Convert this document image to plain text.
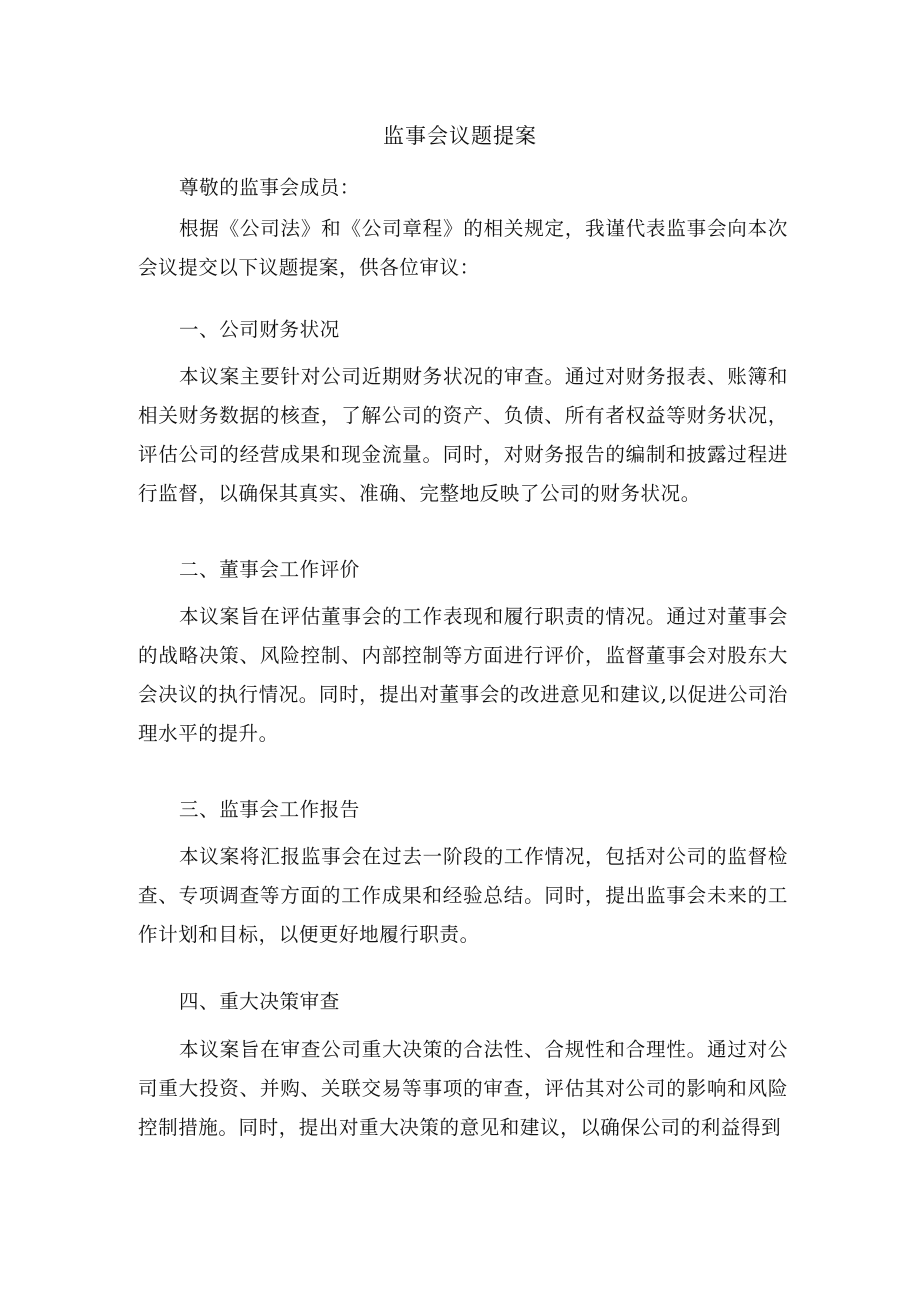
监事会议题提案

尊敬的监事会成员：

根据《公司法》和《公司章程》的相关规定，我谨代表监事会向本次会议提交以下议题提案，供各位审议：

一、公司财务状况

本议案主要针对公司近期财务状况的审查。通过对财务报表、账簿和相关财务数据的核查，了解公司的资产、负债、所有者权益等财务状况，评估公司的经营成果和现金流量。同时，对财务报告的编制和披露过程进行监督，以确保其真实、准确、完整地反映了公司的财务状况。

二、董事会工作评价

本议案旨在评估董事会的工作表现和履行职责的情况。通过对董事会的战略决策、风险控制、内部控制等方面进行评价，监督董事会对股东大会决议的执行情况。同时，提出对董事会的改进意见和建议,以促进公司治理水平的提升。

三、监事会工作报告

本议案将汇报监事会在过去一阶段的工作情况，包括对公司的监督检查、专项调查等方面的工作成果和经验总结。同时，提出监事会未来的工作计划和目标，以便更好地履行职责。

四、重大决策审查

本议案旨在审查公司重大决策的合法性、合规性和合理性。通过对公司重大投资、并购、关联交易等事项的审查，评估其对公司的影响和风险控制措施。同时，提出对重大决策的意见和建议，以确保公司的利益得到
